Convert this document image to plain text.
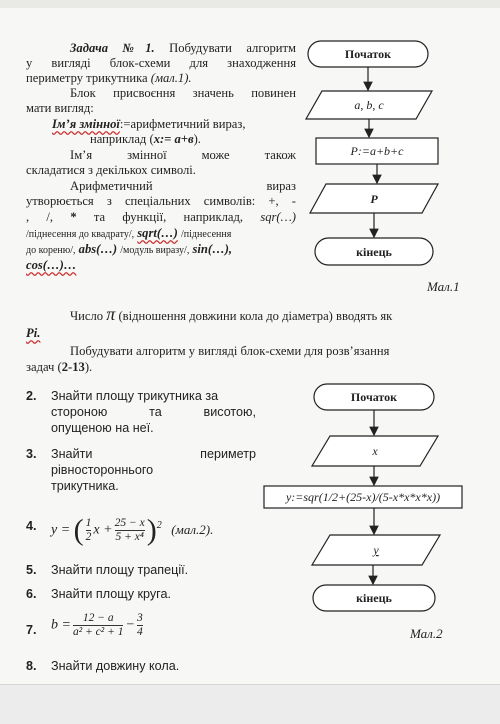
Задача №1. Побудувати алгоритм
у вигляді блок-схеми для знаходження
периметру трикутника (мал.1).
Блок присвоєння значень повинен
мати вигляд:
Ім’я змінної:=арифметичний вираз,
наприклад (x:= a+в).
Ім’я змінної може також
складатися з декількох символі.
Арифметичний вираз
утворюється з спеціальних символів: +, -
, /, * та функції, наприклад, sqr(…)
/піднесення до квадрату/, sqrt(…) /піднесення
до кореню/, abs(…) /модуль виразу/, sin(…),
cos(…)…
Число π (відношення довжини кола до діаметра) вводять як
Pi.
Побудувати алгоритм у вигляді блок-схеми для розв’язання
задач (2-13).
2. Знайти площу трикутника за
стороною та висотою,
опущеною на неї.
3. Знайти периметр
рівностороннього
трикутника.
4. y = ( $\frac{1}{2}$ $x + \frac{25 - x}{\text{5 + x⁴}} )^2$ (мал.2).
5. Знайти площу трапеції.
6. Знайти площу круга.
7. $b = \frac{12 - a}{\text{a² + c² + 1}} - \frac{3}{4}$
8. Знайти довжину кола.
Початок
a, b, c
P:=a+b+c
P
кінець
Початок
x
y:=sqr(1/2+(25-x)/(5-x*x*x*x))
y
кінець
Мал.1
Мал.2
